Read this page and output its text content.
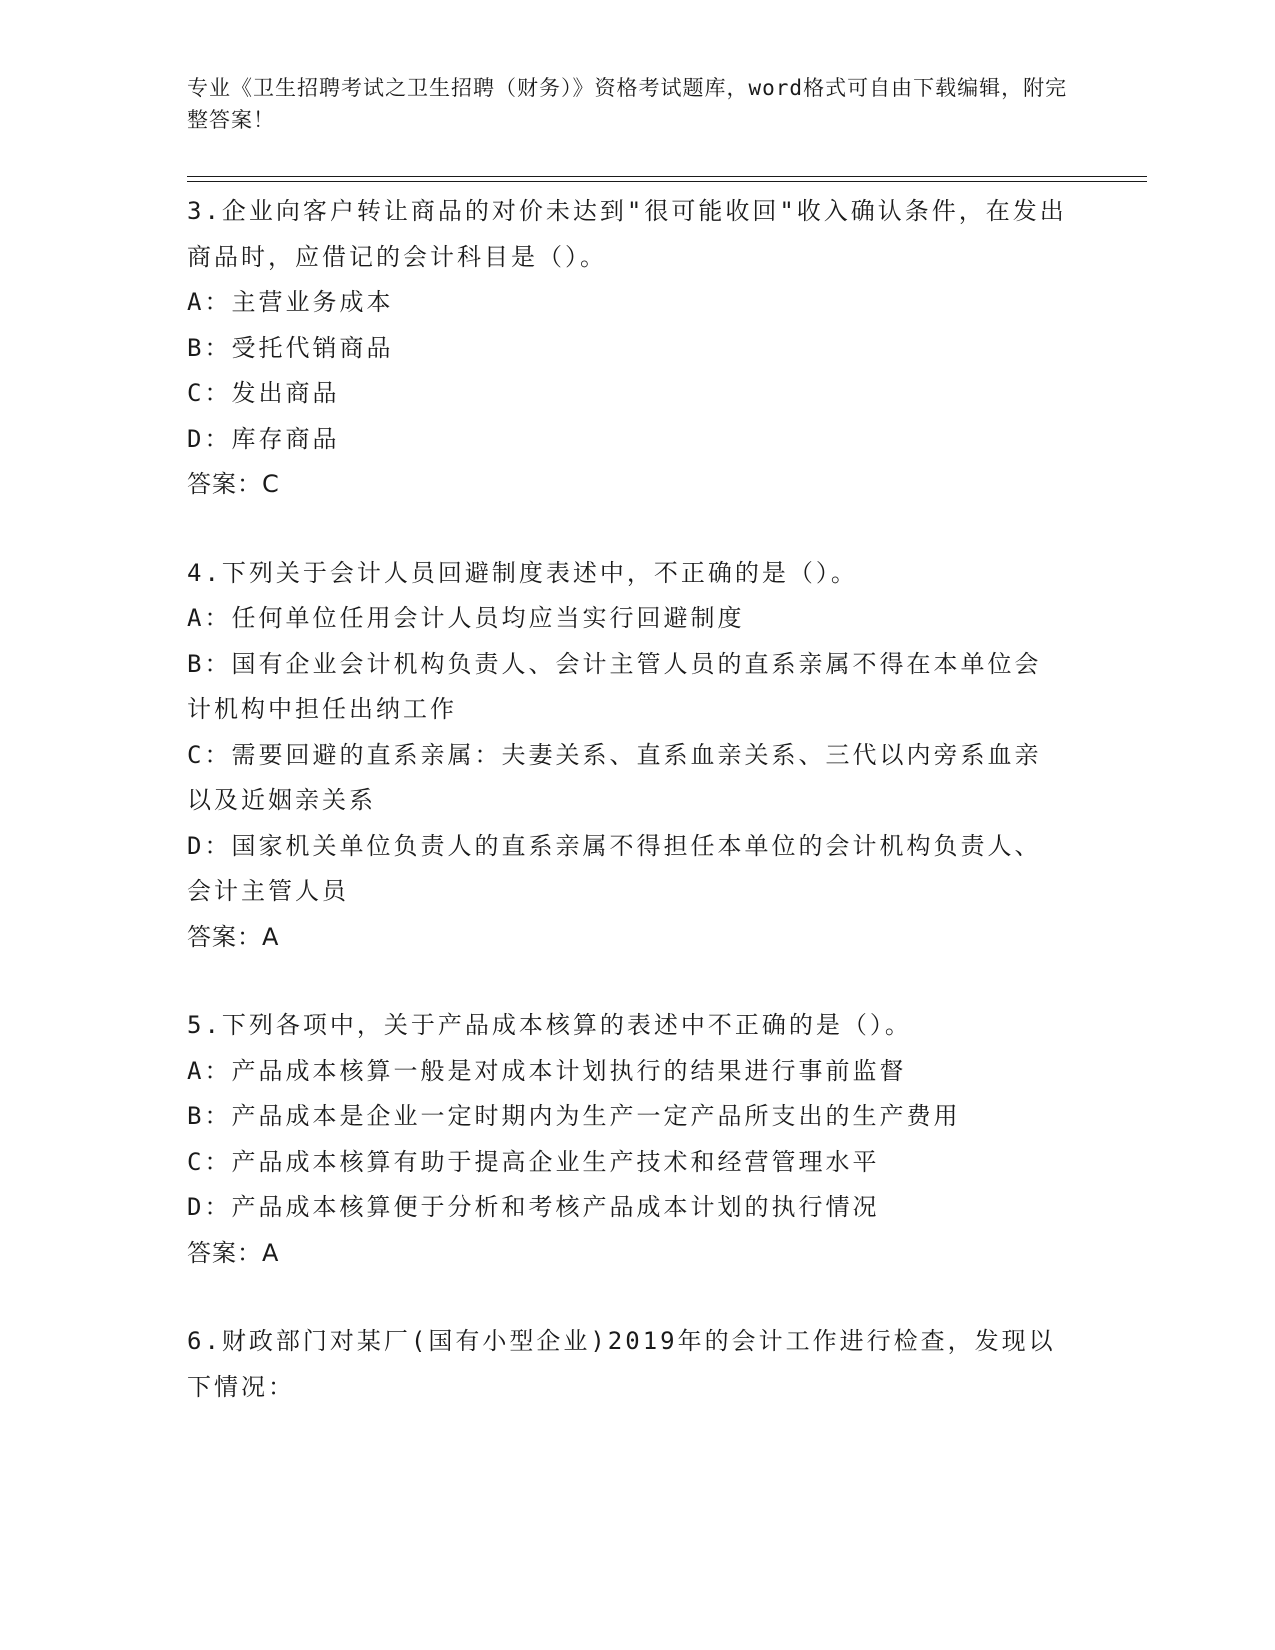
专业《卫生招聘考试之卫生招聘（财务）》资格考试题库，word格式可自由下载编辑，附完整答案！
3.企业向客户转让商品的对价未达到"很可能收回"收入确认条件，在发出商品时，应借记的会计科目是（）。
A：主营业务成本
B：受托代销商品
C：发出商品
D：库存商品
答案：C
4.下列关于会计人员回避制度表述中，不正确的是（）。
A：任何单位任用会计人员均应当实行回避制度
B：国有企业会计机构负责人、会计主管人员的直系亲属不得在本单位会计机构中担任出纳工作
C：需要回避的直系亲属：夫妻关系、直系血亲关系、三代以内旁系血亲以及近姻亲关系
D：国家机关单位负责人的直系亲属不得担任本单位的会计机构负责人、会计主管人员
答案：A
5.下列各项中，关于产品成本核算的表述中不正确的是（）。
A：产品成本核算一般是对成本计划执行的结果进行事前监督
B：产品成本是企业一定时期内为生产一定产品所支出的生产费用
C：产品成本核算有助于提高企业生产技术和经营管理水平
D：产品成本核算便于分析和考核产品成本计划的执行情况
答案：A
6.财政部门对某厂(国有小型企业)2019年的会计工作进行检查，发现以下情况：
